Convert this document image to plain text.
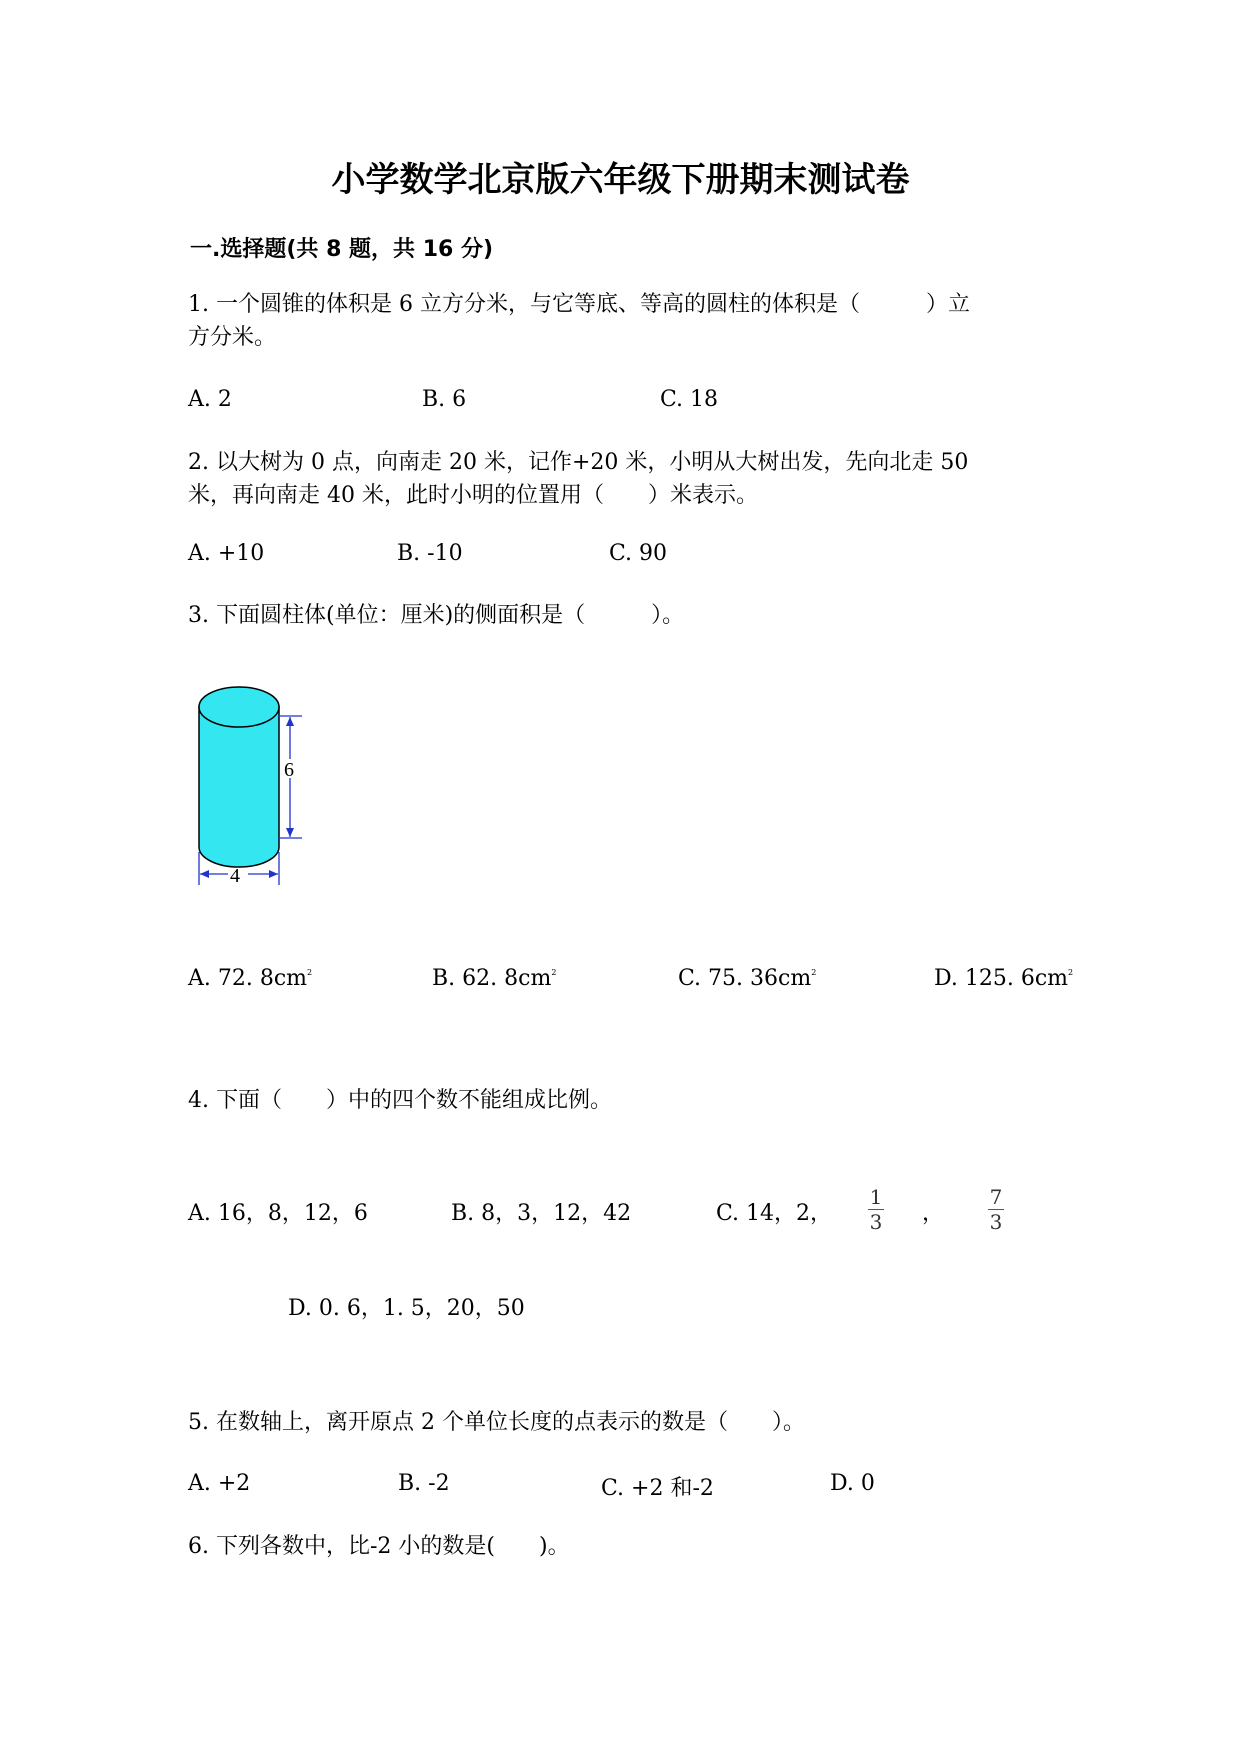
小学数学北京版六年级下册期末测试卷
一.选择题(共 8 题，共 16 分)
1. 一个圆锥的体积是 6 立方分米，与它等底、等高的圆柱的体积是（　　　）立
方分米。
A. 2	B. 6	C. 18
2. 以大树为 0 点，向南走 20 米，记作+20 米，小明从大树出发，先向北走 50
米，再向南走 40 米，此时小明的位置用（　　）米表示。
A. +10	B. -10	C. 90
3. 下面圆柱体(单位：厘米)的侧面积是（　　　）。
6
4
A. 72. $8cm^2$	B. 62. $8cm^2$	C. 75. $36cm^2$	D. 125. $6cm^2$
4. 下面（　　）中的四个数不能组成比例。
A. 16，8，12，6	B. 8，3，12，42	C. 14，2，
1
3 ，
7
3
D. 0. 6，1. 5，20，50
5. 在数轴上，离开原点 2 个单位长度的点表示的数是（　　）。
A. +2	B. -2	C. +2 和-2	D. 0
6. 下列各数中，比-2 小的数是(　　)。
